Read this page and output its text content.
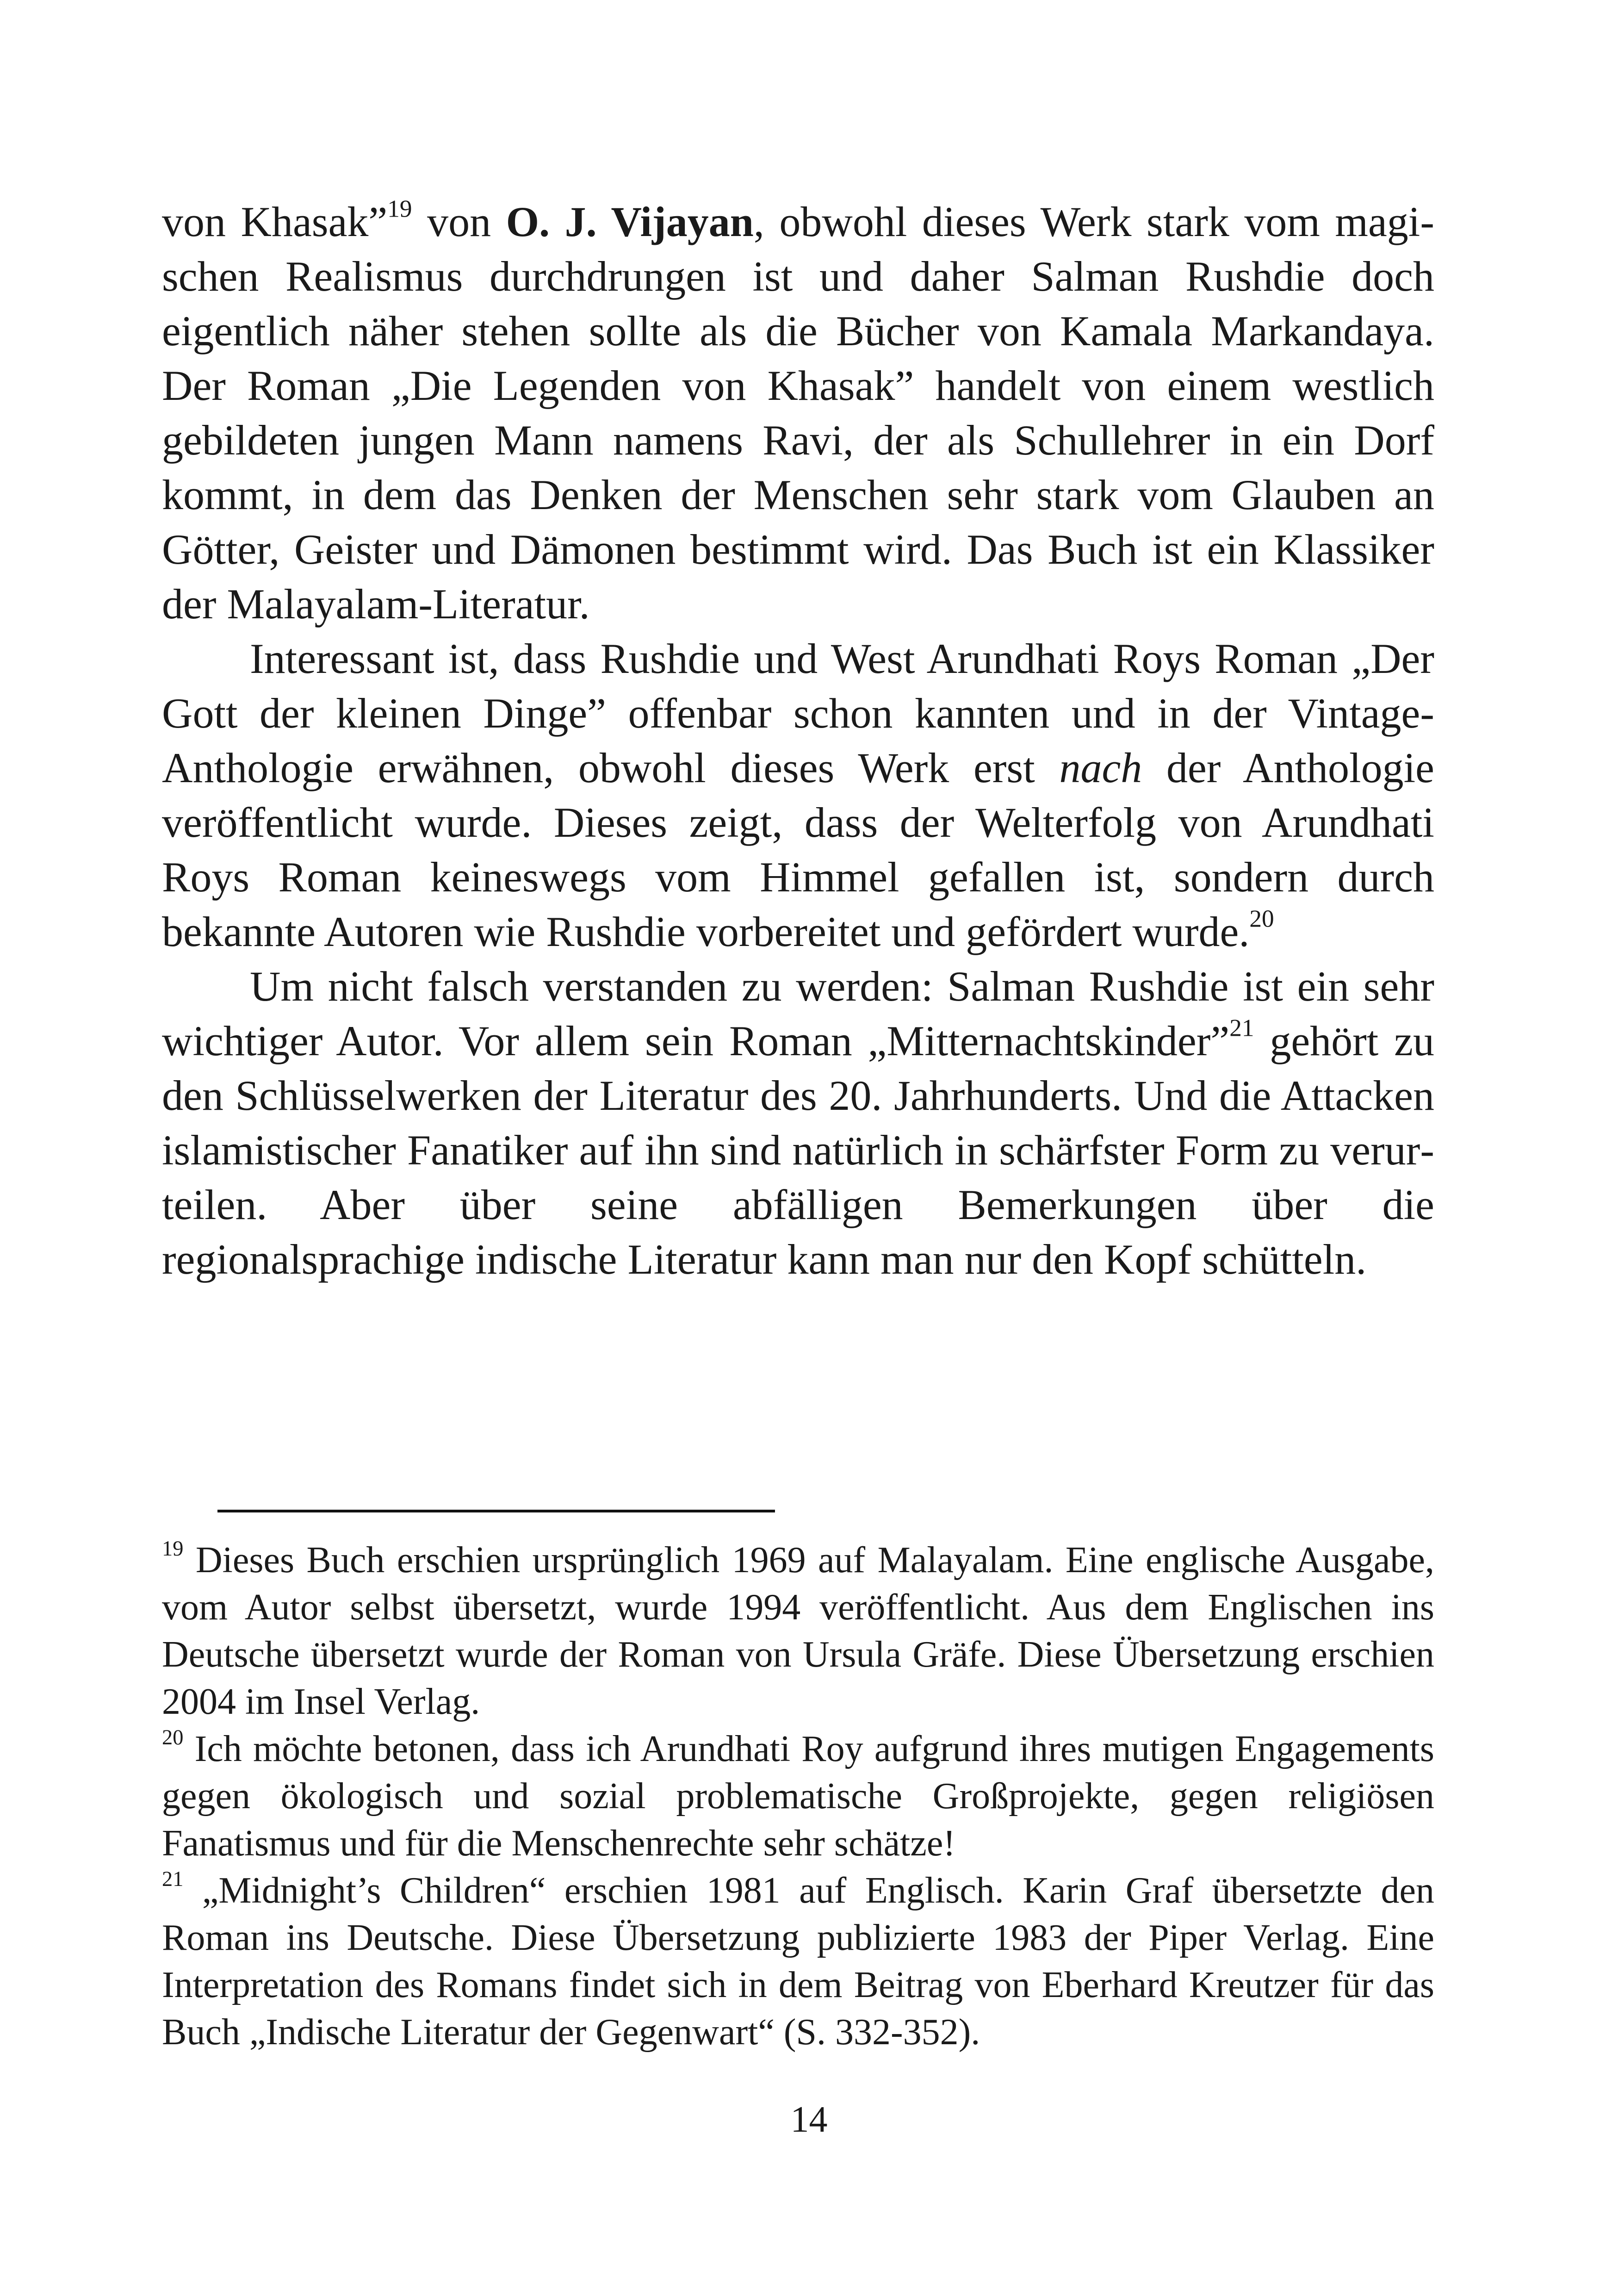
von Khasak”$^{19}$ von O. J. Vijayan, obwohl dieses Werk stark vom magischen Realismus durchdrungen ist und daher Salman Rushdie doch eigentlich näher stehen sollte als die Bücher von Kamala Markandaya. Der Roman „Die Legenden von Khasak” handelt von einem westlich gebildeten jungen Mann namens Ravi, der als Schullehrer in ein Dorf kommt, in dem das Denken der Menschen sehr stark vom Glauben an Götter, Geister und Dämonen bestimmt wird. Das Buch ist ein Klassiker der Malayalam-Literatur.

Interessant ist, dass Rushdie und West Arundhati Roys Roman „Der Gott der kleinen Dinge” offenbar schon kannten und in der Vintage-Anthologie erwähnen, obwohl dieses Werk erst nach der Anthologie veröffentlicht wurde. Dieses zeigt, dass der Welterfolg von Arundhati Roys Roman keineswegs vom Himmel gefallen ist, sondern durch bekannte Autoren wie Rushdie vorbereitet und gefördert wurde.$^{20}$

Um nicht falsch verstanden zu werden: Salman Rushdie ist ein sehr wichtiger Autor. Vor allem sein Roman „Mitternachtskinder”$^{21}$ gehört zu den Schlüsselwerken der Literatur des 20. Jahrhunderts. Und die Attacken islamistischer Fanatiker auf ihn sind natürlich in schärfster Form zu verurteilen. Aber über seine abfälligen Bemerkungen über die regionalsprachige indische Literatur kann man nur den Kopf schütteln.

$^{19}$ Dieses Buch erschien ursprünglich 1969 auf Malayalam. Eine englische Ausgabe, vom Autor selbst übersetzt, wurde 1994 veröffentlicht. Aus dem Englischen ins Deutsche übersetzt wurde der Roman von Ursula Gräfe. Diese Übersetzung erschien 2004 im Insel Verlag.

$^{20}$ Ich möchte betonen, dass ich Arundhati Roy aufgrund ihres mutigen Engagements gegen ökologisch und sozial problematische Großprojekte, gegen religiösen Fanatismus und für die Menschenrechte sehr schätze!

$^{21}$ „Midnight’s Children“ erschien 1981 auf Englisch. Karin Graf übersetzte den Roman ins Deutsche. Diese Übersetzung publizierte 1983 der Piper Verlag. Eine Interpretation des Romans findet sich in dem Beitrag von Eberhard Kreutzer für das Buch „Indische Literatur der Gegenwart“ (S. 332-352).

14
